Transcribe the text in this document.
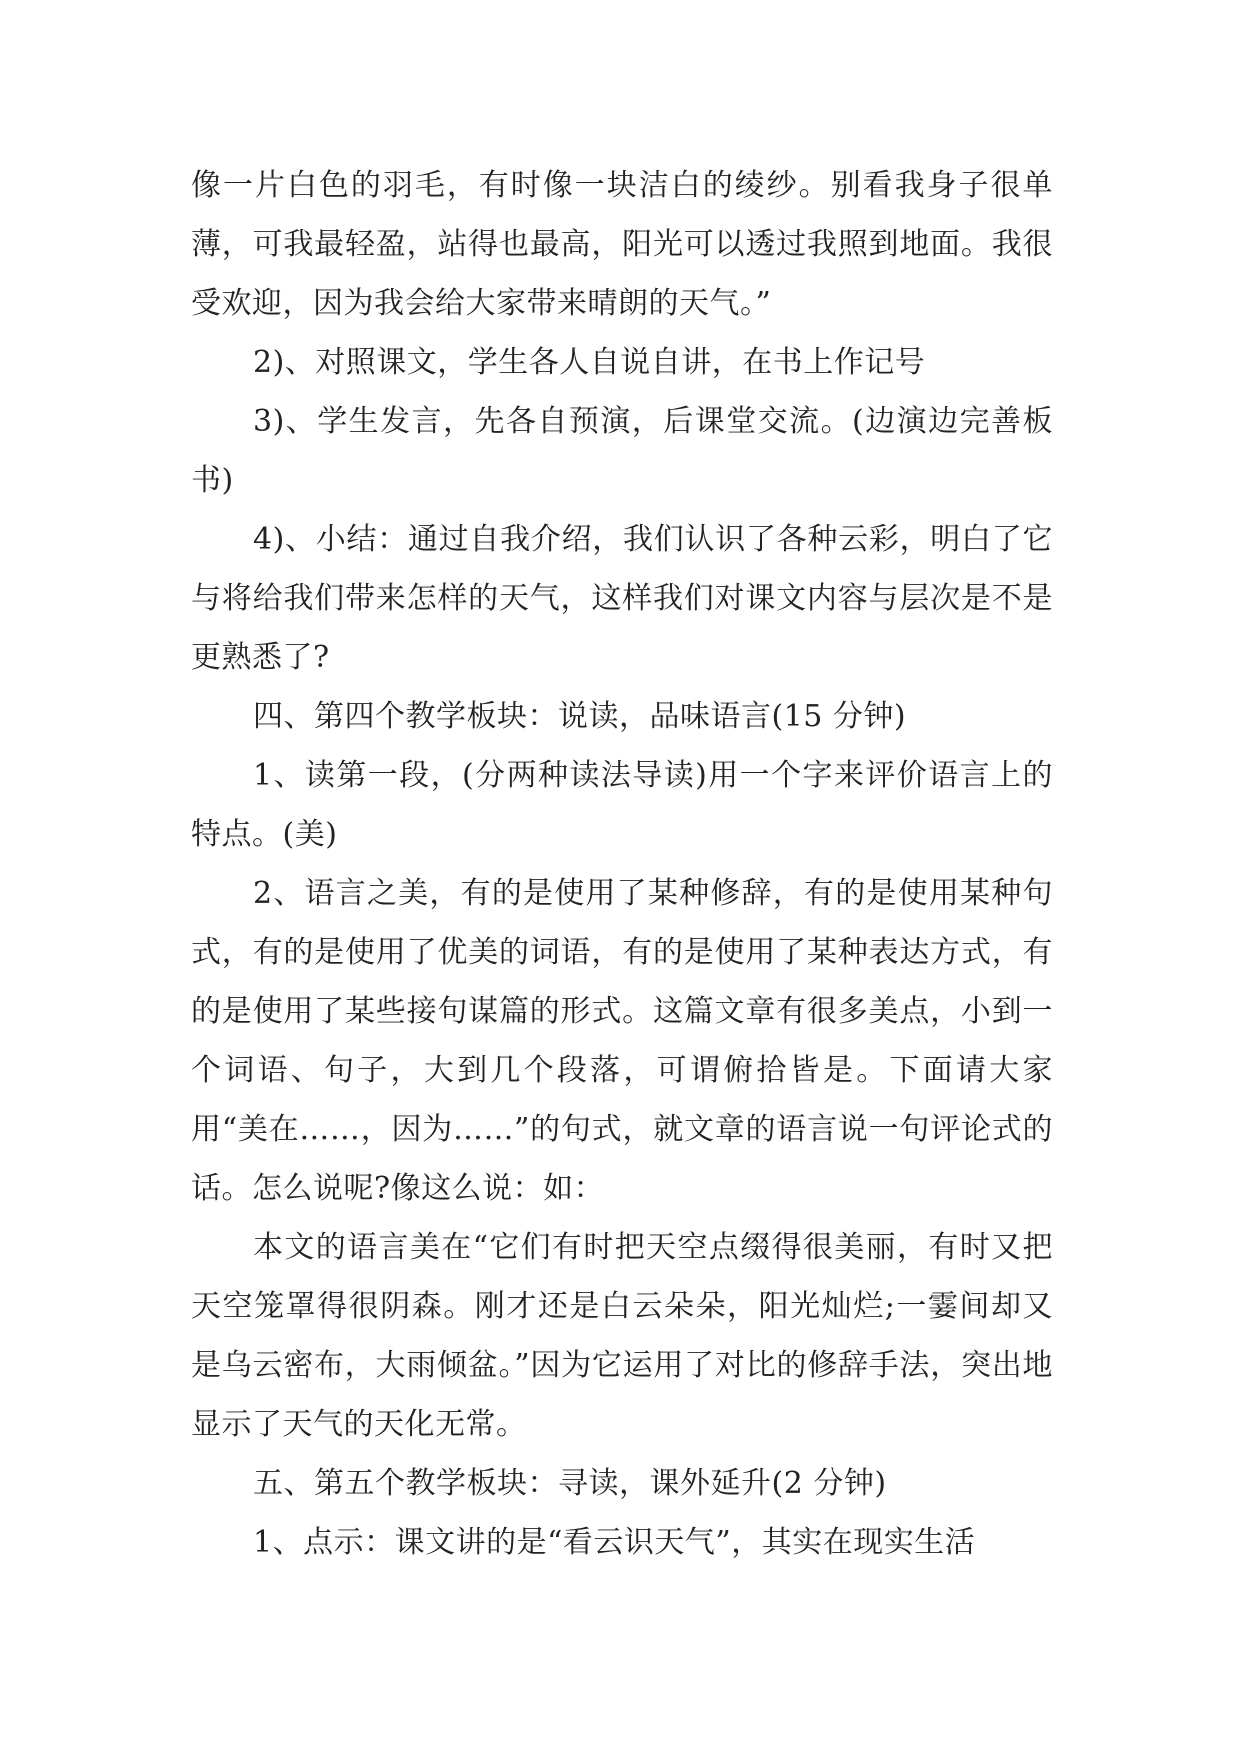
像一片白色的羽毛，有时像一块洁白的绫纱。别看我身子很单薄，可我最轻盈，站得也最高，阳光可以透过我照到地面。我很受欢迎，因为我会给大家带来晴朗的天气。”

2)、对照课文，学生各人自说自讲，在书上作记号

3)、学生发言，先各自预演，后课堂交流。(边演边完善板书)

4)、小结：通过自我介绍，我们认识了各种云彩，明白了它与将给我们带来怎样的天气，这样我们对课文内容与层次是不是更熟悉了?

四、第四个教学板块：说读，品味语言(15 分钟)

1、读第一段，(分两种读法导读)用一个字来评价语言上的特点。(美)

2、语言之美，有的是使用了某种修辞，有的是使用某种句式，有的是使用了优美的词语，有的是使用了某种表达方式，有的是使用了某些接句谋篇的形式。这篇文章有很多美点，小到一个词语、句子，大到几个段落，可谓俯拾皆是。下面请大家用“美在……，因为……”的句式，就文章的语言说一句评论式的话。怎么说呢?像这么说：如：

本文的语言美在“它们有时把天空点缀得很美丽，有时又把天空笼罩得很阴森。刚才还是白云朵朵，阳光灿烂;一霎间却又是乌云密布，大雨倾盆。”因为它运用了对比的修辞手法，突出地显示了天气的天化无常。

五、第五个教学板块：寻读，课外延升(2 分钟)

1、点示：课文讲的是“看云识天气”，其实在现实生活
